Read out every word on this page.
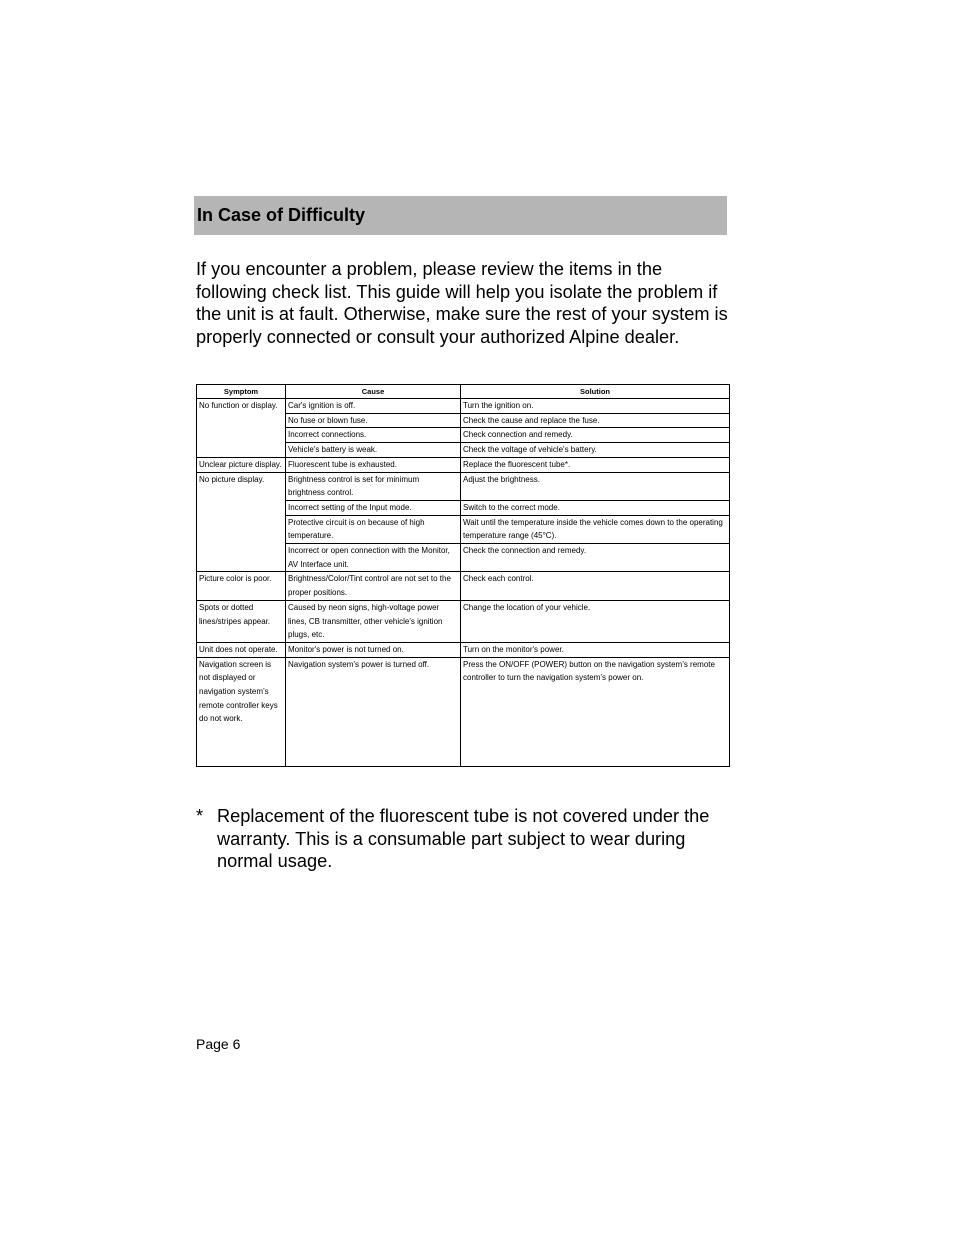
In Case of Difficulty

If you encounter a problem, please review the items in the following check list. This guide will help you isolate the problem if the unit is at fault. Otherwise, make sure the rest of your system is properly connected or consult your authorized Alpine dealer.

Symptom	Cause	Solution
No function or display.	Car's ignition is off.	Turn the ignition on.
	No fuse or blown fuse.	Check the cause and replace the fuse.
	Incorrect connections.	Check connection and remedy.
	Vehicle's battery is weak.	Check the voltage of vehicle's battery.
Unclear picture display.	Fluorescent tube is exhausted.	Replace the fluorescent tube*.
No picture display.	Brightness control is set for minimum brightness control.	Adjust the brightness.
	Incorrect setting of the Input mode.	Switch to the correct mode.
	Protective circuit is on because of high temperature.	Wait until the temperature inside the vehicle comes down to the operating temperature range (45°C).
	Incorrect or open connection with the Monitor, AV Interface unit.	Check the connection and remedy.
Picture color is poor.	Brightness/Color/Tint control are not set to the proper positions.	Check each control.
Spots or dotted lines/stripes appear.	Caused by neon signs, high-voltage power lines, CB transmitter, other vehicle's ignition plugs, etc.	Change the location of your vehicle.
Unit does not operate.	Monitor's power is not turned on.	Turn on the monitor's power.
Navigation screen is not displayed or navigation system’s remote controller keys do not work.	Navigation system’s power is turned off.	Press the ON/OFF (POWER) button on the navigation system’s remote controller to turn the navigation system’s power on.
* Replacement of the fluorescent tube is not covered under the warranty. This is a consumable part subject to wear during normal usage.
Page 6
